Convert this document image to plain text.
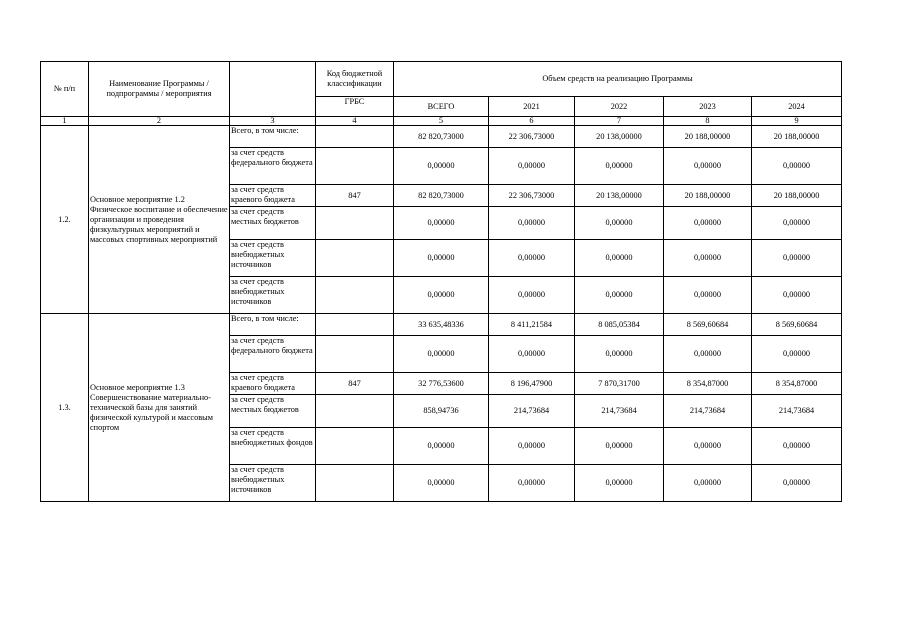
№ п/п	Наименование Программы / подпрограммы / мероприятия		Код бюджетной классификации	Объем средств на реализацию Программы				
			ГРБС	ВСЕГО	2021	2022	2023	2024
1	2	3	4	5	6	7	8	9
1.2.	Основное мероприятие 1.2 Физическое воспитание и обеспечение организации и проведения физкультурных мероприятий и массовых спортивных мероприятий	Всего, в том числе:		82 820,73000	22 306,73000	20 138,00000	20 188,00000	20 188,00000
		за счет средств федерального бюджета		0,00000	0,00000	0,00000	0,00000	0,00000
		за счет средств краевого бюджета	847	82 820,73000	22 306,73000	20 138,00000	20 188,00000	20 188,00000
		за счет средств местных бюджетов		0,00000	0,00000	0,00000	0,00000	0,00000
		за счет средств внебюджетных источников		0,00000	0,00000	0,00000	0,00000	0,00000
		за счет средств внебюджетных источников		0,00000	0,00000	0,00000	0,00000	0,00000
1.3.	Основное мероприятие 1.3 Совершенствование материально-технической базы для занятий физической культурой и массовым спортом	Всего, в том числе:		33 635,48336	8 411,21584	8 085,05384	8 569,60684	8 569,60684
		за счет средств федерального бюджета		0,00000	0,00000	0,00000	0,00000	0,00000
		за счет средств краевого бюджета	847	32 776,53600	8 196,47900	7 870,31700	8 354,87000	8 354,87000
		за счет средств местных бюджетов		858,94736	214,73684	214,73684	214,73684	214,73684
		за счет средств внебюджетных фондов		0,00000	0,00000	0,00000	0,00000	0,00000
		за счет средств внебюджетных источников		0,00000	0,00000	0,00000	0,00000	0,00000
